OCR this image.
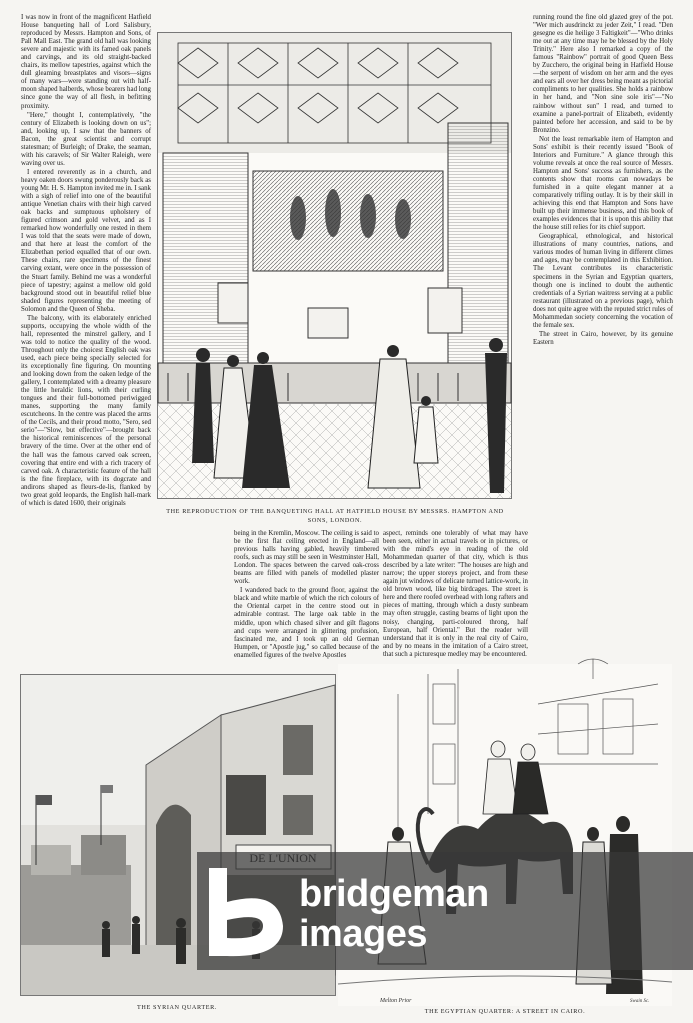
I was now in front of the magnificent Hatfield House banqueting hall of Lord Salisbury, reproduced by Messrs. Hampton and Sons, of Pall Mall East. The grand old hall was looking severe and majestic with its famed oak panels and carvings, and its old straight-backed chairs, its mellow tapestries, against which the dull gleaming breastplates and visors—signs of many wars—were standing out with half-moon shaped halberds, whose bearers had long since gone the way of all flesh, in befitting proximity.

"Here," thought I, contemplatively, "the century of Elizabeth is looking down on us"; and, looking up, I saw that the banners of Bacon, the great scientist and corrupt statesman; of Burleigh; of Drake, the seaman, with his caravels; of Sir Walter Raleigh, were waving over us.

I entered reverently as in a church, and heavy oaken doors swung ponderously back as young Mr. H. S. Hampton invited me in. I sank with a sigh of relief into one of the beautiful antique Venetian chairs with their high carved oak backs and sumptuous upholstery of figured crimson and gold velvet, and as I remarked how wonderfully one rested in them I was told that the seats were made of down, and that here at least the comfort of the Elizabethan period equalled that of our own. These chairs, rare specimens of the finest carving extant, were once in the possession of the Stuart family. Behind me was a wonderful piece of tapestry; against a mellow old gold background stood out in beautiful relief blue shaded figures representing the meeting of Solomon and the Queen of Sheba.

The balcony, with its elaborately enriched supports, occupying the whole width of the hall, represented the minstrel gallery, and I was told to notice the quality of the wood. Throughout only the choicest English oak was used, each piece being specially selected for its exceptionally fine figuring. On mounting and looking down from the oaken ledge of the gallery, I contemplated with a dreamy pleasure the little heraldic lions, with their curling tongues and their full-bottomed periwigged manes, supporting the many family escutcheons. In the centre was placed the arms of the Cecils, and their proud motto, "Sero, sed serio"—"Slow, but effective"—brought back the historical reminiscences of the personal bravery of the time. Over at the other end of the hall was the famous carved oak screen, covering that entire end with a rich tracery of carved oak. A characteristic feature of the hall is the fine fireplace, with its dogcrate and andirons shaped as fleurs-de-lis, flanked by two great gold leopards, the English hall-mark of which is dated 1600, their originals

THE REPRODUCTION OF THE BANQUETING HALL AT HATFIELD HOUSE BY MESSRS. HAMPTON AND SONS, LONDON.

running round the fine old glazed grey of the pot. "Wer mich ausdrinckt zu jeder Zeit," I read. "Den gesegne es die heilige 3 Faltigkeit"—"Who drinks me out at any time may he be blessed by the Holy Trinity." Here also I remarked a copy of the famous "Rainbow" portrait of good Queen Bess by Zucchero, the original being in Hatfield House—the serpent of wisdom on her arm and the eyes and ears all over her dress being meant as pictorial compliments to her qualities. She holds a rainbow in her hand, and "Non sine sole iris"—"No rainbow without sun" I read, and turned to examine a panel-portrait of Elizabeth, evidently painted before her accession, and said to be by Bronzino.

Not the least remarkable item of Hampton and Sons' exhibit is their recently issued "Book of Interiors and Furniture." A glance through this volume reveals at once the real source of Messrs. Hampton and Sons' success as furnishers, as the contents show that rooms can nowadays be furnished in a quite elegant manner at a comparatively trifling outlay. It is by their skill in achieving this end that Hampton and Sons have built up their immense business, and this book of examples evidences that it is upon this ability that the house still relies for its chief support.

Geographical, ethnological, and historical illustrations of many countries, nations, and various modes of human living in different climes and ages, may be contemplated in this Exhibition. The Levant contributes its characteristic specimens in the Syrian and Egyptian quarters, though one is inclined to doubt the authentic credentials of a Syrian waitress serving at a public restaurant (illustrated on a previous page), which does not quite agree with the reputed strict rules of Mohammedan society concerning the vocation of the female sex.

The street in Cairo, however, by its genuine Eastern

being in the Kremlin, Moscow. The ceiling is said to be the first flat ceiling erected in England—all previous halls having gabled, heavily timbered roofs, such as may still be seen in Westminster Hall, London. The spaces between the carved oak-cross beams are filled with panels of modelled plaster work.

I wandered back to the ground floor, against the black and white marble of which the rich colours of the Oriental carpet in the centre stood out in admirable contrast. The large oak table in the middle, upon which chased silver and gilt flagons and cups were arranged in glittering profusion, fascinated me, and I took up an old German Humpen, or "Apostle jug," so called because of the enamelled figures of the twelve Apostles

aspect, reminds one tolerably of what may have been seen, either in actual travels or in pictures, or with the mind's eye in reading of the old Mohammedan quarter of that city, which is thus described by a late writer: "The houses are high and narrow; the upper storeys project, and from these again jut windows of delicate turned lattice-work, in old brown wood, like big birdcages. The street is here and there roofed overhead with long rafters and pieces of matting, through which a dusty sunbeam may often struggle, casting beams of light upon the noisy, changing, parti-coloured throng, half European, half Oriental." But the reader will understand that it is only in the real city of Cairo, and by no means in the imitation of a Cairo street, that such a picturesque medley may be encountered.

THE SYRIAN QUARTER.
Melton Prior	Swain Sc.
THE EGYPTIAN QUARTER: A STREET IN CAIRO.
bridgeman
images
